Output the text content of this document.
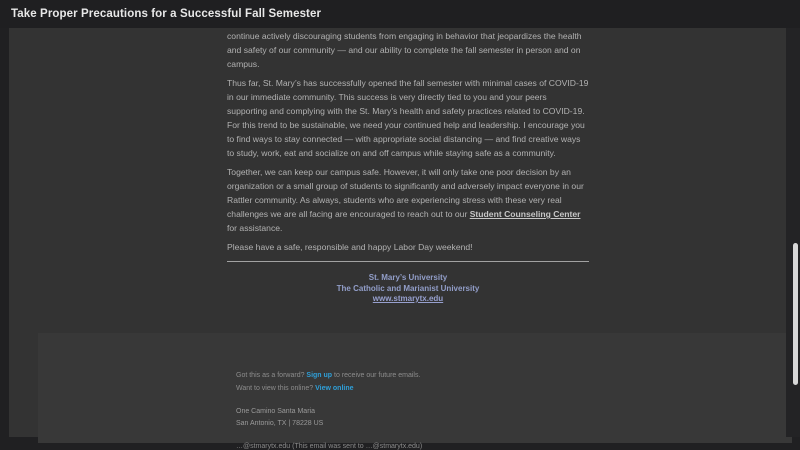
Take Proper Precautions for a Successful Fall Semester

continue actively discouraging students from engaging in behavior that jeopardizes the health and safety of our community — and our ability to complete the fall semester in person and on campus.

Thus far, St. Mary’s has successfully opened the fall semester with minimal cases of COVID-19 in our immediate community. This success is very directly tied to you and your peers supporting and complying with the St. Mary’s health and safety practices related to COVID-19. For this trend to be sustainable, we need your continued help and leadership. I encourage you to find ways to stay connected — with appropriate social distancing — and find creative ways to study, work, eat and socialize on and off campus while staying safe as a community.

Together, we can keep our campus safe. However, it will only take one poor decision by an organization or a small group of students to significantly and adversely impact everyone in our Rattler community. As always, students who are experiencing stress with these very real challenges we are all facing are encouraged to reach out to our Student Counseling Center for assistance.

Please have a safe, responsible and happy Labor Day weekend!

St. Mary’s University
The Catholic and Marianist University
www.stmarytx.edu
Got this as a forward? Sign up to receive our future emails.
Want to view this online? View online
One Camino Santa Maria
San Antonio, TX | 78228 US
…@stmarytx.edu (This email was sent to …@stmarytx.edu)
